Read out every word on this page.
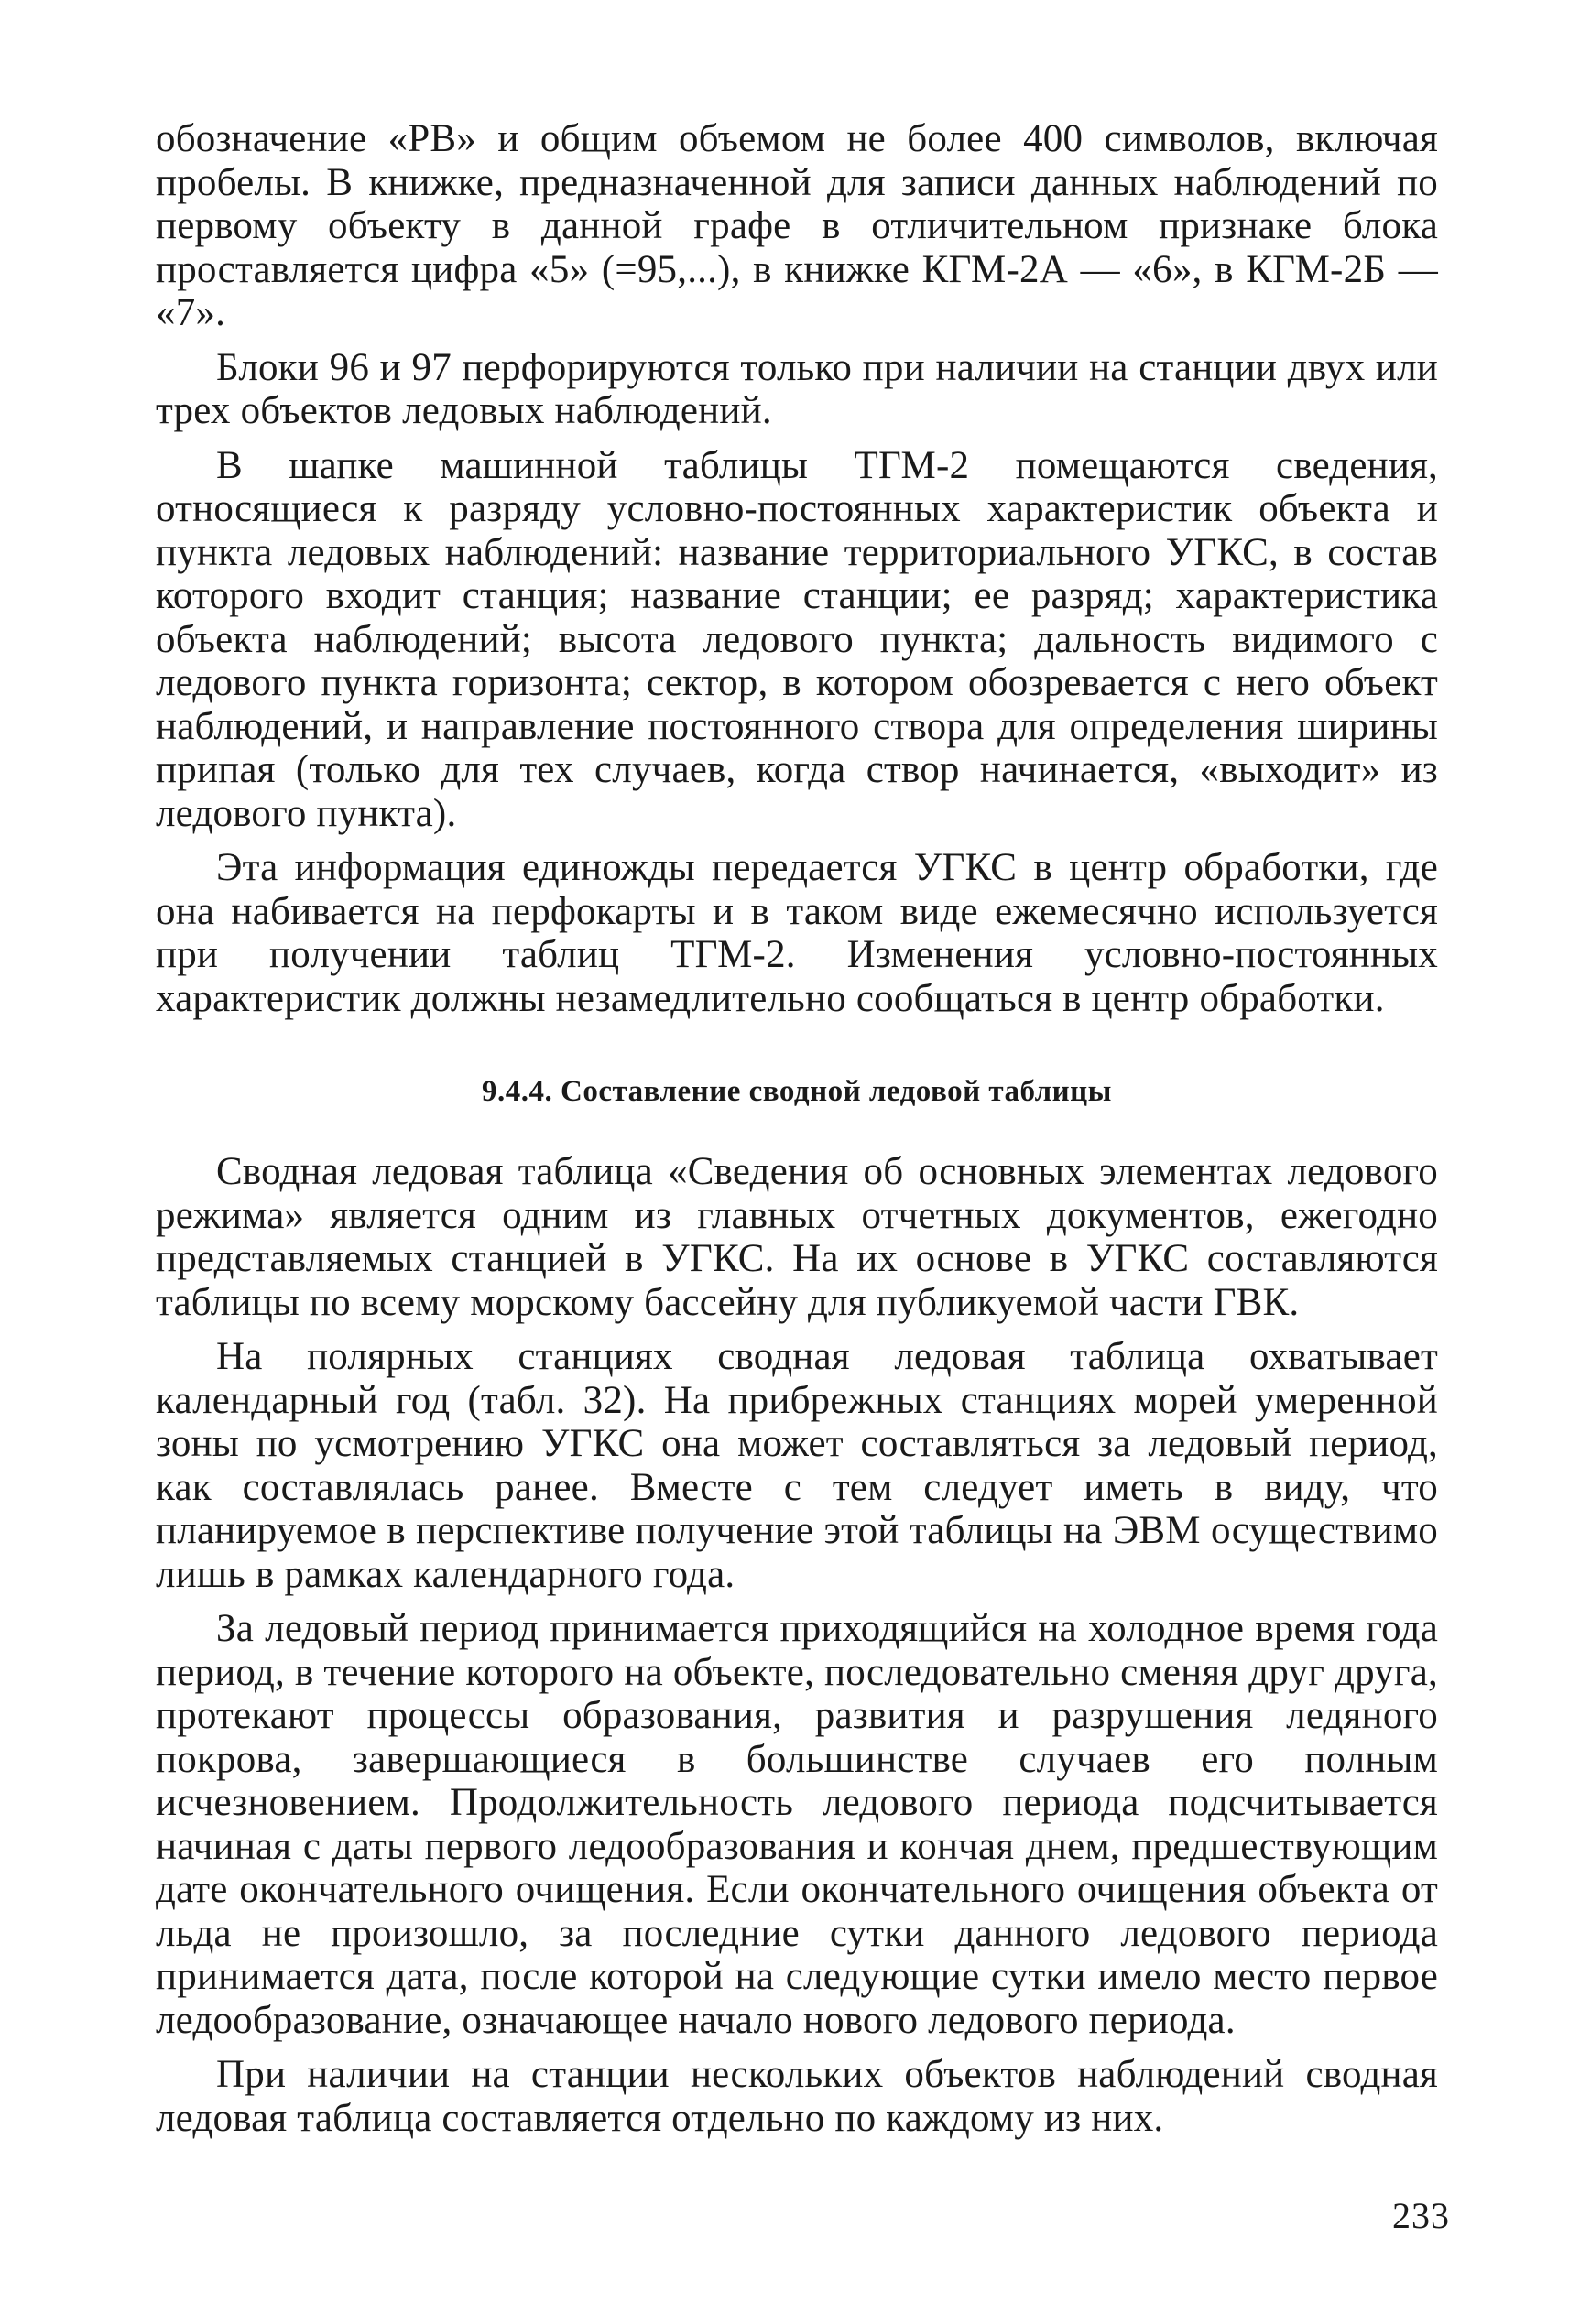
обозначение «РВ» и общим объемом не более 400 символов, включая пробелы. В книжке, предназначенной для записи данных наблюдений по первому объекту в данной графе в отличительном признаке блока проставляется цифра «5» (=95,...), в книжке КГМ-2А — «6», в КГМ-2Б — «7».

Блоки 96 и 97 перфорируются только при наличии на станции двух или трех объектов ледовых наблюдений.

В шапке машинной таблицы ТГМ-2 помещаются сведения, относящиеся к разряду условно-постоянных характеристик объекта и пункта ледовых наблюдений: название территориального УГКС, в состав которого входит станция; название станции; ее разряд; характеристика объекта наблюдений; высота ледового пункта; дальность видимого с ледового пункта горизонта; сектор, в котором обозревается с него объект наблюдений, и направление постоянного створа для определения ширины припая (только для тех случаев, когда створ начинается, «выходит» из ледового пункта).

Эта информация единожды передается УГКС в центр обработки, где она набивается на перфокарты и в таком виде ежемесячно используется при получении таблиц ТГМ-2. Изменения условно-постоянных характеристик должны незамедлительно сообщаться в центр обработки.

9.4.4. Составление сводной ледовой таблицы

Сводная ледовая таблица «Сведения об основных элементах ледового режима» является одним из главных отчетных документов, ежегодно представляемых станцией в УГКС. На их основе в УГКС составляются таблицы по всему морскому бассейну для публикуемой части ГВК.

На полярных станциях сводная ледовая таблица охватывает календарный год (табл. 32). На прибрежных станциях морей умеренной зоны по усмотрению УГКС она может составляться за ледовый период, как составлялась ранее. Вместе с тем следует иметь в виду, что планируемое в перспективе получение этой таблицы на ЭВМ осуществимо лишь в рамках календарного года.

За ледовый период принимается приходящийся на холодное время года период, в течение которого на объекте, последовательно сменяя друг друга, протекают процессы образования, развития и разрушения ледяного покрова, завершающиеся в большинстве случаев его полным исчезновением. Продолжительность ледового периода подсчитывается начиная с даты первого ледообразования и кончая днем, предшествующим дате окончательного очищения. Если окончательного очищения объекта от льда не произошло, за последние сутки данного ледового периода принимается дата, после которой на следующие сутки имело место первое ледообразование, означающее начало нового ледового периода.

При наличии на станции нескольких объектов наблюдений сводная ледовая таблица составляется отдельно по каждому из них.

233
